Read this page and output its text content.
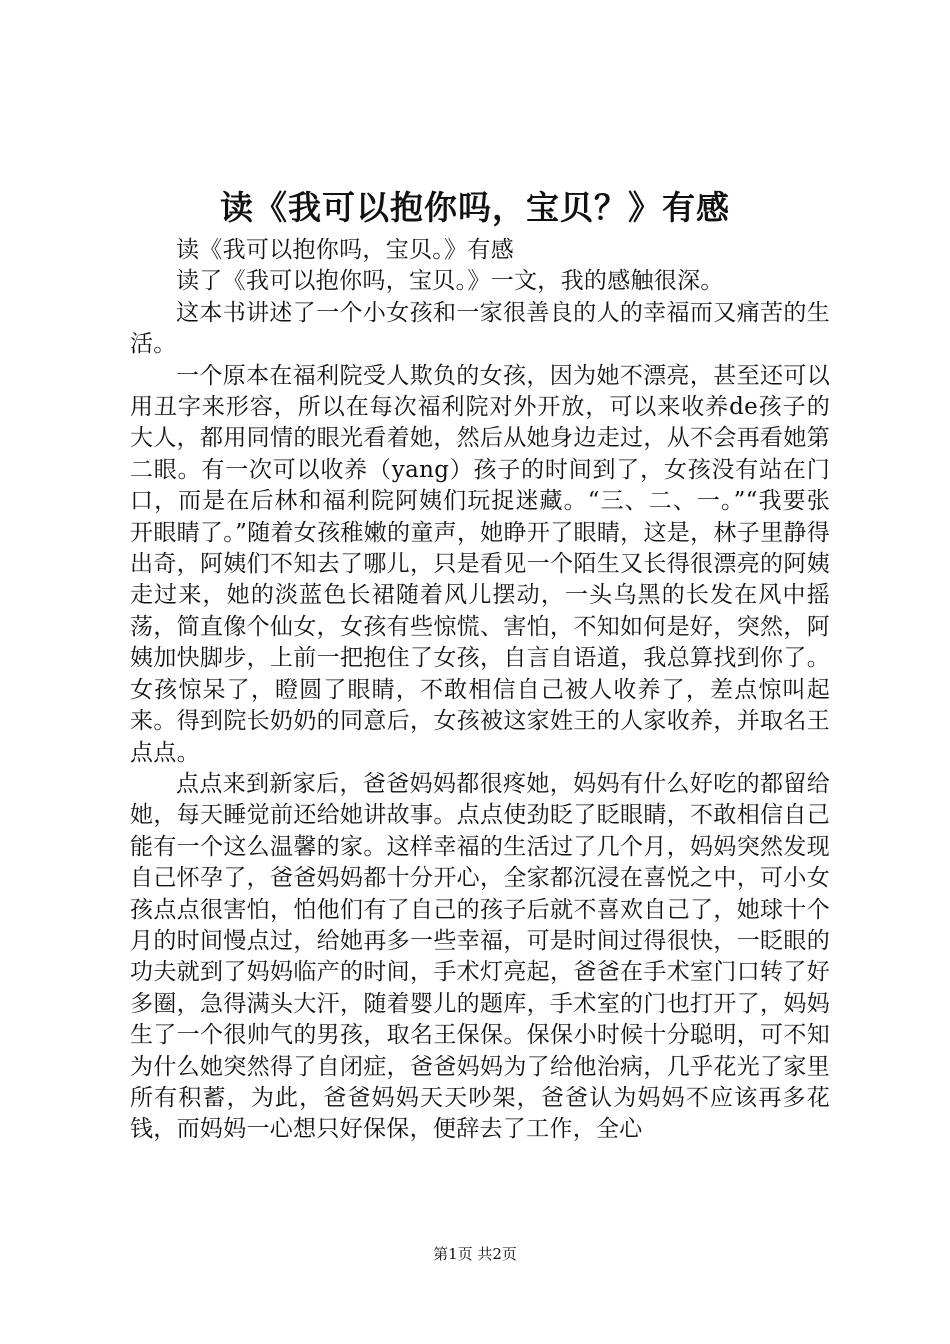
读《我可以抱你吗，宝贝？》有感

读《我可以抱你吗，宝贝。》有感

读了《我可以抱你吗，宝贝。》一文，我的感触很深。

这本书讲述了一个小女孩和一家很善良的人的幸福而又痛苦的生活。

一个原本在福利院受人欺负的女孩，因为她不漂亮，甚至还可以用丑字来形容，所以在每次福利院对外开放，可以来收养de孩子的大人，都用同情的眼光看着她，然后从她身边走过，从不会再看她第二眼。有一次可以收养（yang）孩子的时间到了，女孩没有站在门口，而是在后林和福利院阿姨们玩捉迷藏。“三、二、一。”“我要张开眼睛了。”随着女孩稚嫩的童声，她睁开了眼睛，这是，林子里静得出奇，阿姨们不知去了哪儿，只是看见一个陌生又长得很漂亮的阿姨走过来，她的淡蓝色长裙随着风儿摆动，一头乌黑的长发在风中摇荡，简直像个仙女，女孩有些惊慌、害怕，不知如何是好，突然，阿姨加快脚步，上前一把抱住了女孩，自言自语道，我总算找到你了。女孩惊呆了，瞪圆了眼睛，不敢相信自己被人收养了，差点惊叫起来。得到院长奶奶的同意后，女孩被这家姓王的人家收养，并取名王点点。

点点来到新家后，爸爸妈妈都很疼她，妈妈有什么好吃的都留给她，每天睡觉前还给她讲故事。点点使劲眨了眨眼睛，不敢相信自己能有一个这么温馨的家。这样幸福的生活过了几个月，妈妈突然发现自己怀孕了，爸爸妈妈都十分开心，全家都沉浸在喜悦之中，可小女孩点点很害怕，怕他们有了自己的孩子后就不喜欢自己了，她球十个月的时间慢点过，给她再多一些幸福，可是时间过得很快，一眨眼的功夫就到了妈妈临产的时间，手术灯亮起，爸爸在手术室门口转了好多圈，急得满头大汗，随着婴儿的题库，手术室的门也打开了，妈妈生了一个很帅气的男孩，取名王保保。保保小时候十分聪明，可不知为什么她突然得了自闭症，爸爸妈妈为了给他治病，几乎花光了家里所有积蓄，为此，爸爸妈妈天天吵架，爸爸认为妈妈不应该再多花钱，而妈妈一心想只好保保，便辞去了工作，全心

第1页 共2页
